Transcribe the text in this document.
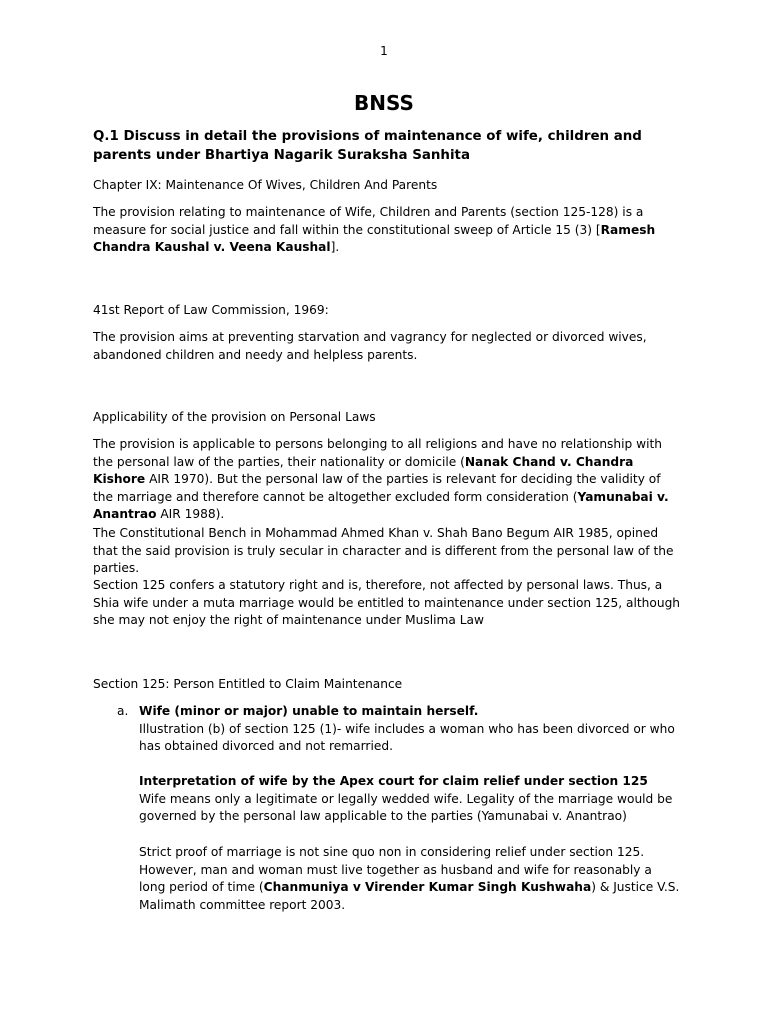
1
BNSS

Q.1 Discuss in detail the provisions of maintenance of wife, children and parents under Bhartiya Nagarik Suraksha Sanhita

Chapter IX: Maintenance Of Wives, Children And Parents

The provision relating to maintenance of Wife, Children and Parents (section 125-128) is a measure for social justice and fall within the constitutional sweep of Article 15 (3) [Ramesh Chandra Kaushal v. Veena Kaushal].

41st Report of Law Commission, 1969:

The provision aims at preventing starvation and vagrancy for neglected or divorced wives, abandoned children and needy and helpless parents.

Applicability of the provision on Personal Laws

The provision is applicable to persons belonging to all religions and have no relationship with the personal law of the parties, their nationality or domicile (Nanak Chand v. Chandra Kishore AIR 1970). But the personal law of the parties is relevant for deciding the validity of the marriage and therefore cannot be altogether excluded form consideration (Yamunabai v. Anantrao AIR 1988).

The Constitutional Bench in Mohammad Ahmed Khan v. Shah Bano Begum AIR 1985, opined that the said provision is truly secular in character and is different from the personal law of the parties.

Section 125 confers a statutory right and is, therefore, not affected by personal laws. Thus, a Shia wife under a muta marriage would be entitled to maintenance under section 125, although she may not enjoy the right of maintenance under Muslima Law

Section 125: Person Entitled to Claim Maintenance

a. Wife (minor or major) unable to maintain herself.

Illustration (b) of section 125 (1)- wife includes a woman who has been divorced or who has obtained divorced and not remarried.

Interpretation of wife by the Apex court for claim relief under section 125

Wife means only a legitimate or legally wedded wife. Legality of the marriage would be governed by the personal law applicable to the parties (Yamunabai v. Anantrao)

Strict proof of marriage is not sine quo non in considering relief under section 125. However, man and woman must live together as husband and wife for reasonably a long period of time (Chanmuniya v Virender Kumar Singh Kushwaha) & Justice V.S. Malimath committee report 2003.
